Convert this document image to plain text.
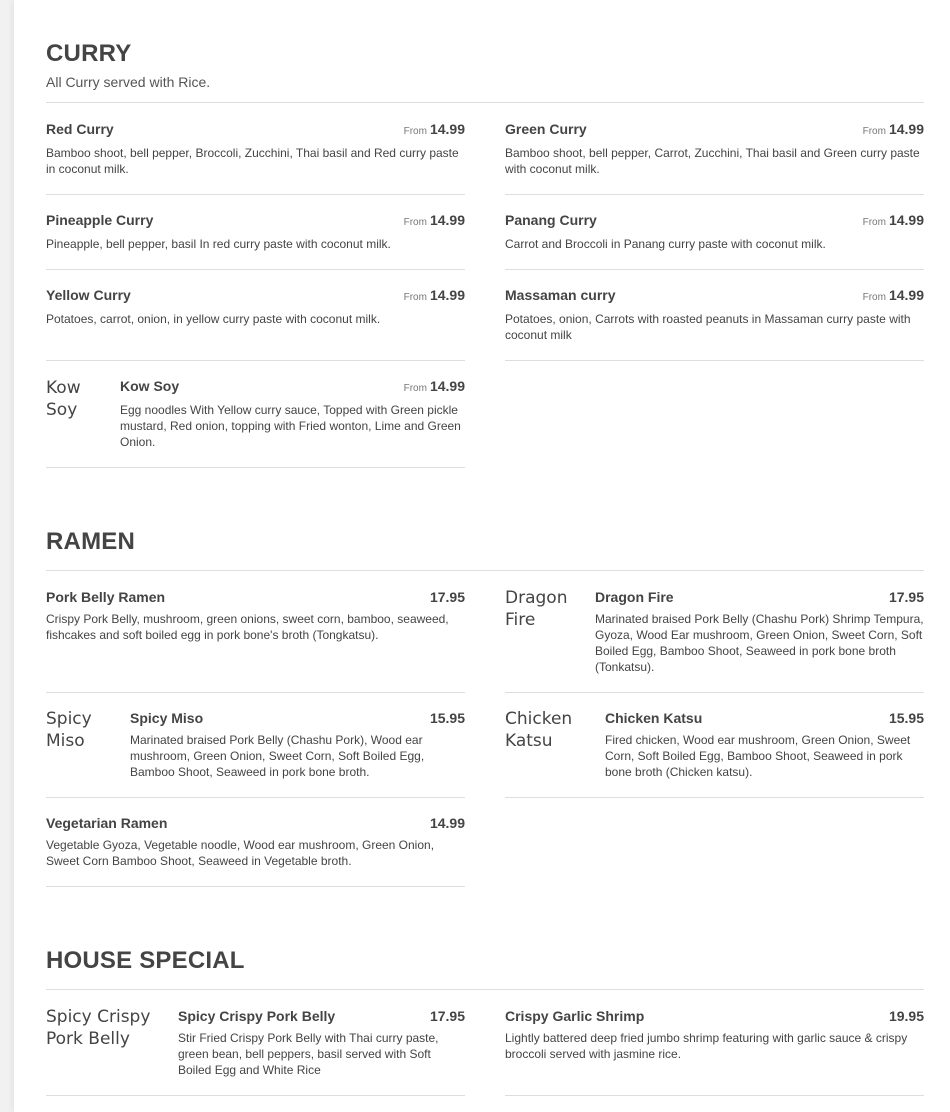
CURRY
All Curry served with Rice.
Red Curry	From 14.99
Bamboo shoot, bell pepper, Broccoli, Zucchini, Thai basil and Red curry paste in coconut milk.
Green Curry	From 14.99
Bamboo shoot, bell pepper, Carrot, Zucchini, Thai basil and Green curry paste with coconut milk.
Pineapple Curry	From 14.99
Pineapple, bell pepper, basil In red curry paste with coconut milk.
Panang Curry	From 14.99
Carrot and Broccoli in Panang curry paste with coconut milk.
Yellow Curry	From 14.99
Potatoes, carrot, onion, in yellow curry paste with coconut milk.
Massaman curry	From 14.99
Potatoes, onion, Carrots with roasted peanuts in Massaman curry paste with coconut milk
Kow Soy
Kow Soy	From 14.99
Egg noodles With Yellow curry sauce, Topped with Green pickle mustard, Red onion, topping with Fried wonton, Lime and Green Onion.
RAMEN
Pork Belly Ramen	17.95
Crispy Pork Belly, mushroom, green onions, sweet corn, bamboo, seaweed, fishcakes and soft boiled egg in pork bone's broth (Tongkatsu).
Dragon Fire
Dragon Fire	17.95
Marinated braised Pork Belly (Chashu Pork) Shrimp Tempura, Gyoza, Wood Ear mushroom, Green Onion, Sweet Corn, Soft Boiled Egg, Bamboo Shoot, Seaweed in pork bone broth (Tonkatsu).
Spicy Miso
Spicy Miso	15.95
Marinated braised Pork Belly (Chashu Pork), Wood ear mushroom, Green Onion, Sweet Corn, Soft Boiled Egg, Bamboo Shoot, Seaweed in pork bone broth.
Chicken Katsu
Chicken Katsu	15.95
Fired chicken, Wood ear mushroom, Green Onion, Sweet Corn, Soft Boiled Egg, Bamboo Shoot, Seaweed in pork bone broth (Chicken katsu).
Vegetarian Ramen	14.99
Vegetable Gyoza, Vegetable noodle, Wood ear mushroom, Green Onion, Sweet Corn Bamboo Shoot, Seaweed in Vegetable broth.
HOUSE SPECIAL
Spicy Crispy Pork Belly
Spicy Crispy Pork Belly	17.95
Stir Fried Crispy Pork Belly with Thai curry paste, green bean, bell peppers, basil served with Soft Boiled Egg and White Rice
Crispy Garlic Shrimp	19.95
Lightly battered deep fried jumbo shrimp featuring with garlic sauce & crispy broccoli served with jasmine rice.
